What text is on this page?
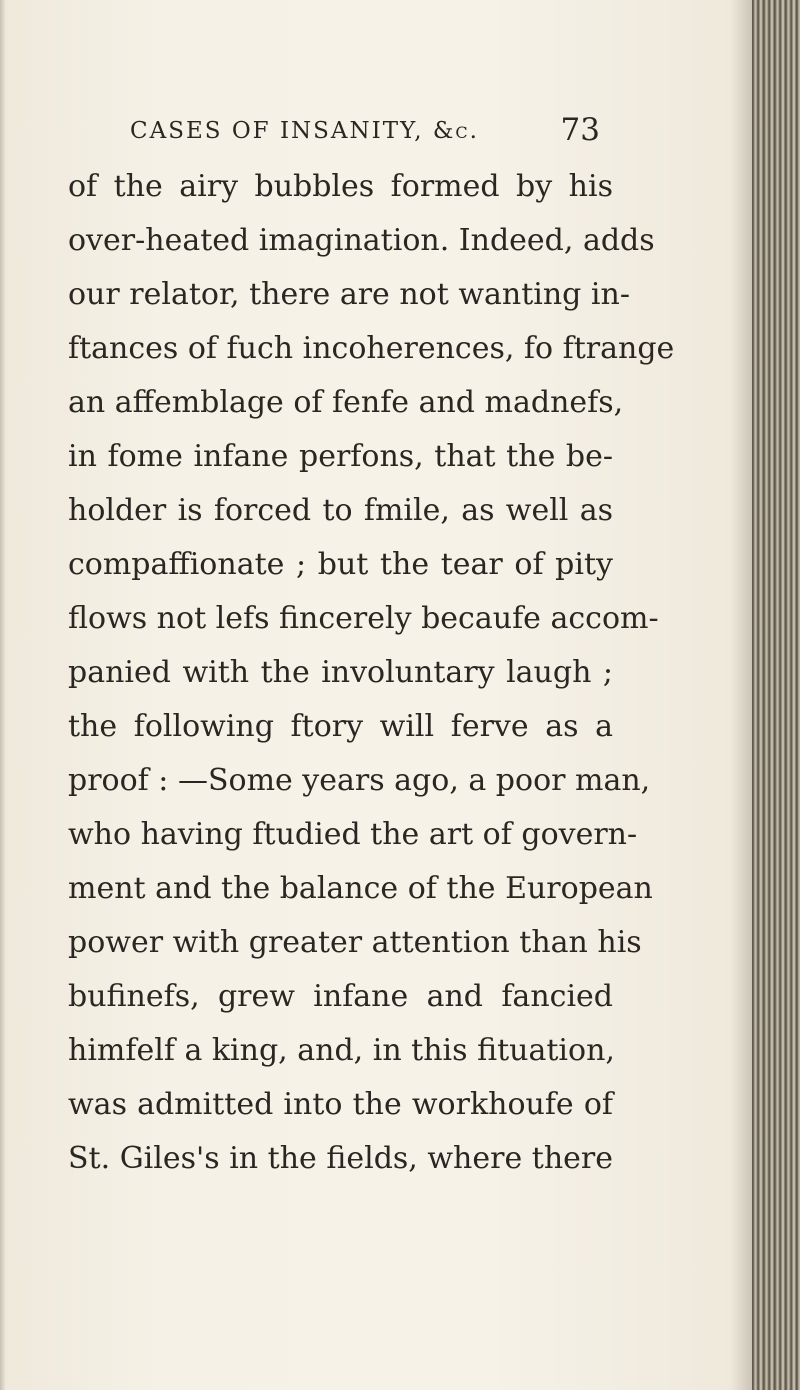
CASES OF INSANITY, &c.	73
of the airy bubbles formed by his
over-heated imagination. Indeed, adds
our relator, there are not wanting in-
ftances of fuch incoherences, fo ftrange
an affemblage of fenfe and madnefs,
in fome infane perfons, that the be-
holder is forced to fmile, as well as
compaffionate ; but the tear of pity
flows not lefs fincerely becaufe accom-
panied with the involuntary laugh ;
the following ftory will ferve as a
proof : —Some years ago, a poor man,
who having ftudied the art of govern-
ment and the balance of the European
power with greater attention than his
bufinefs, grew infane and fancied
himfelf a king, and, in this fituation,
was admitted into the workhoufe of
St. Giles's in the fields, where there
